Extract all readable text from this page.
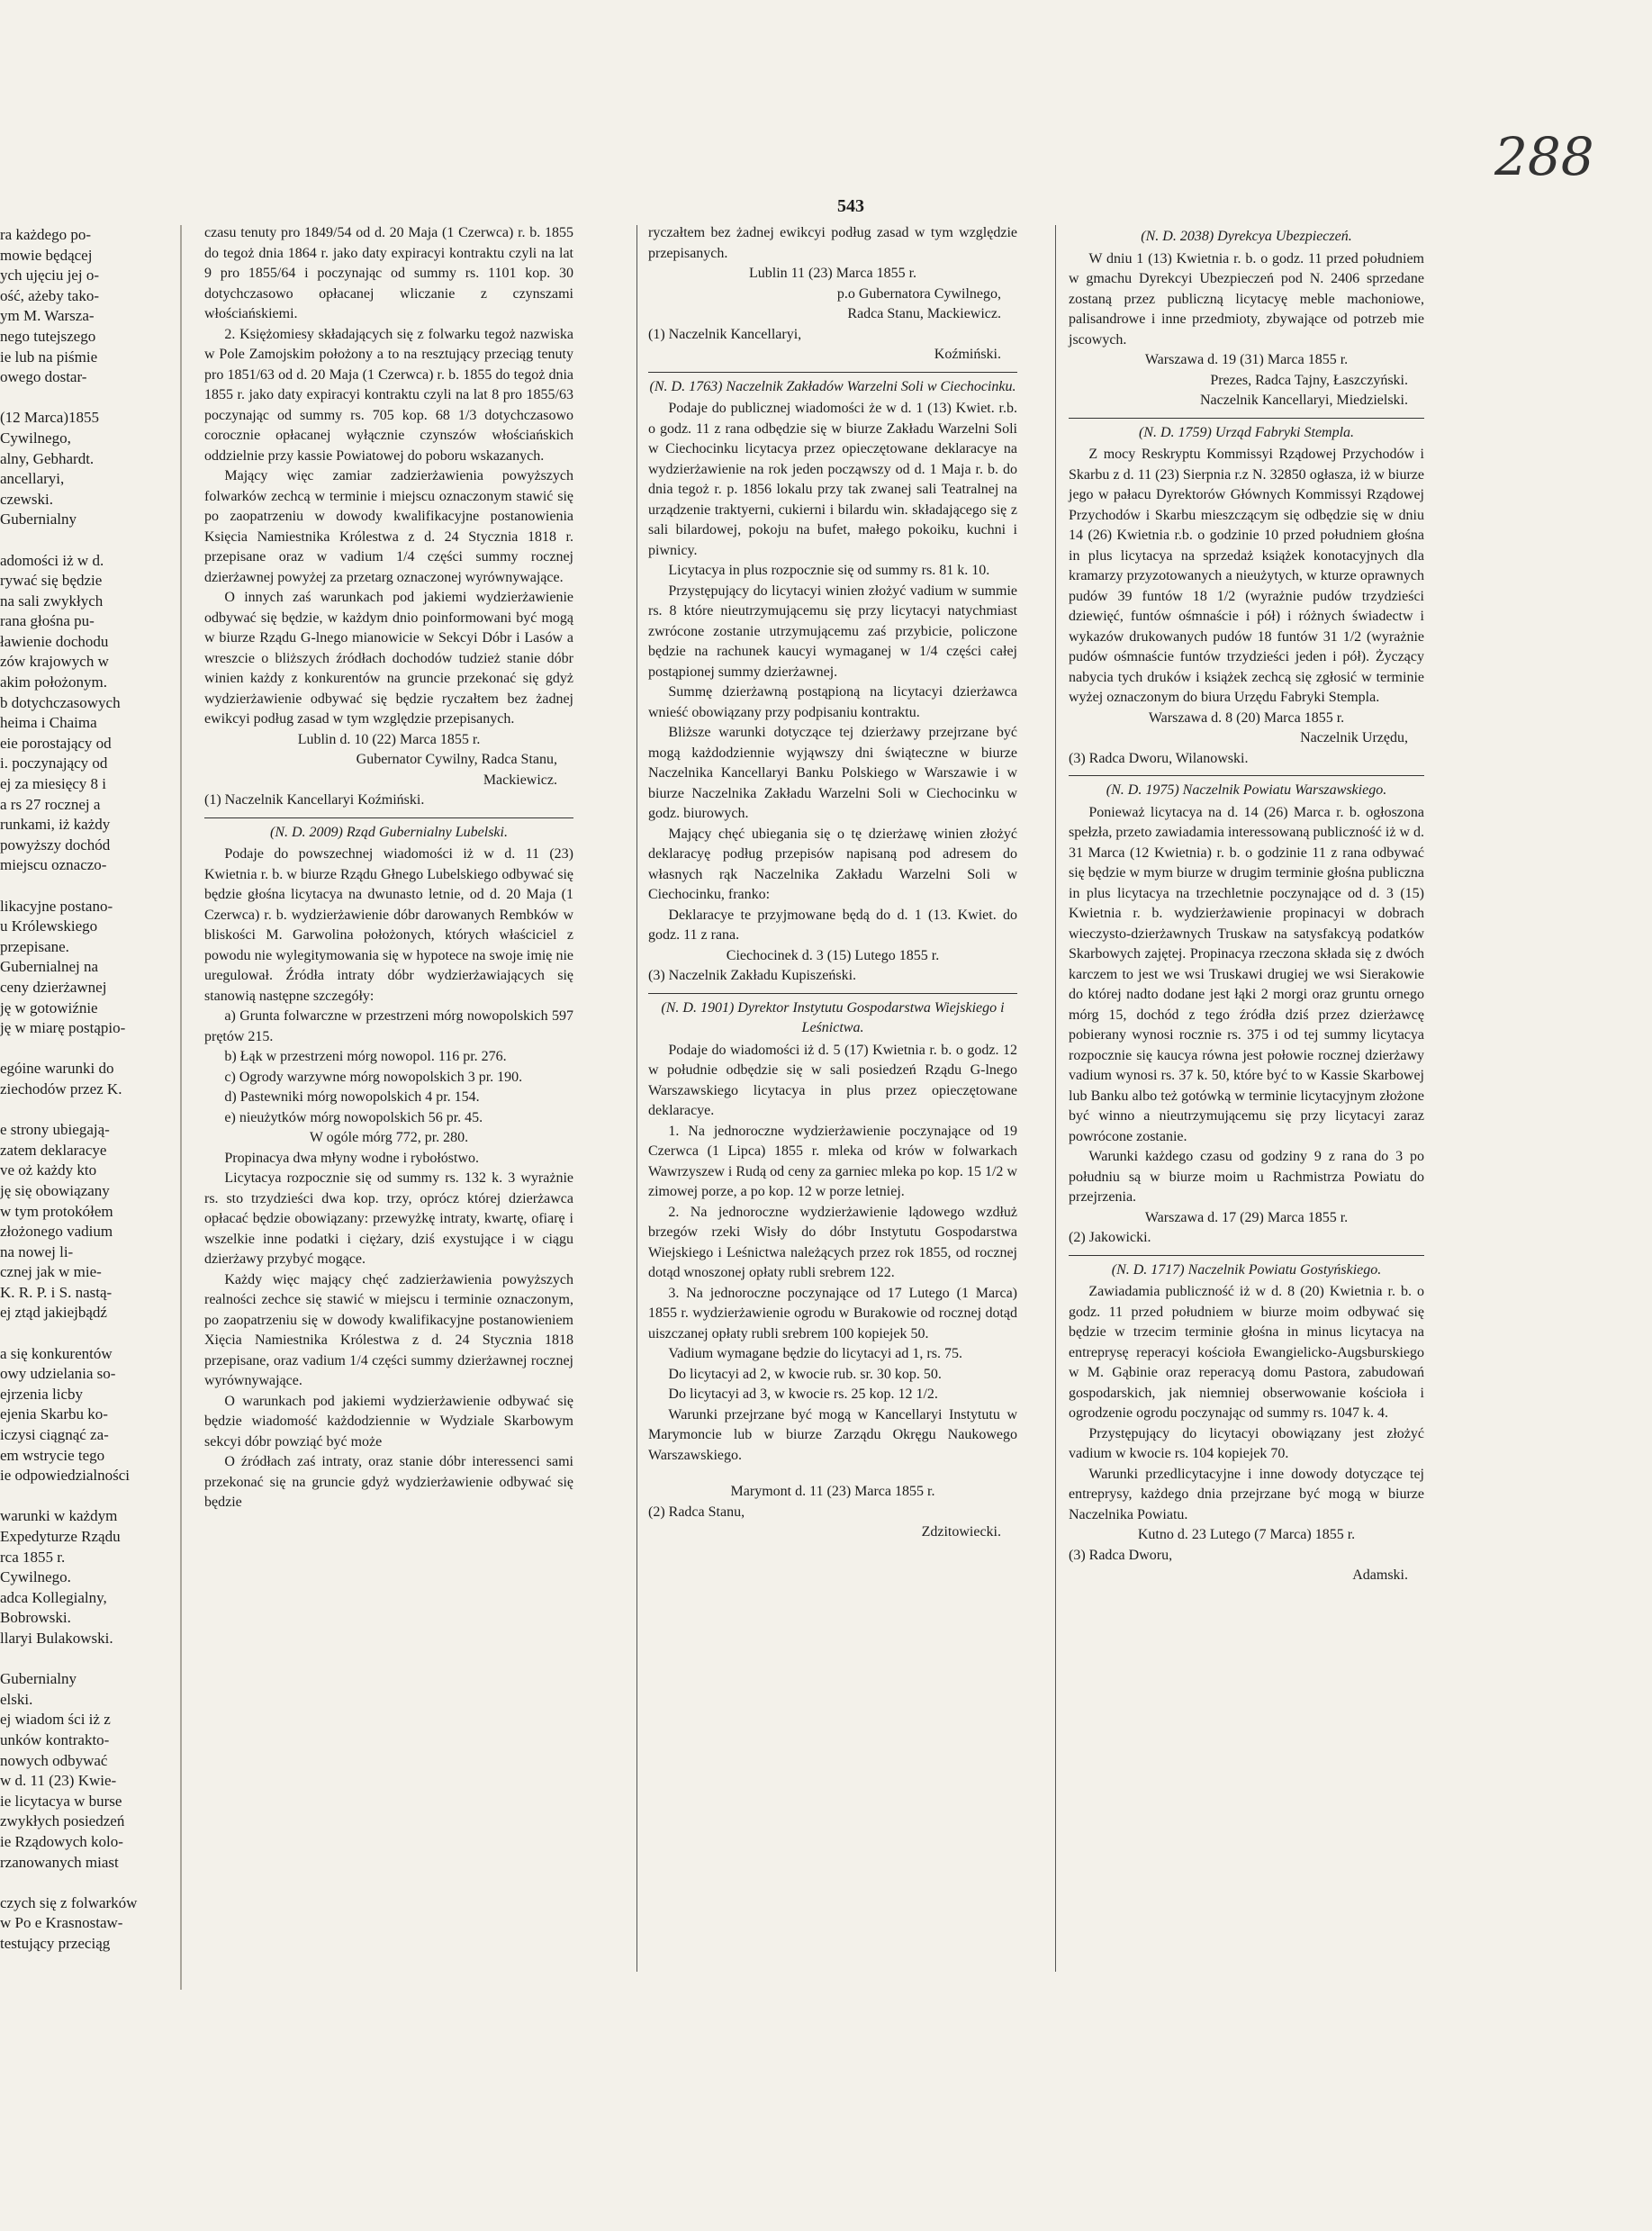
ra każdego po-
mowie będącej
ych ujęciu jej o-
ość, ażeby tako-
ym M. Warsza-
nego tutejszego
ie lub na piśmie
owego dostar-

(12 Marca)1855
Cywilnego,
alny, Gebhardt.
ancellaryi,
czewski.
Gubernialny

adomości iż w d.
rywać się będzie
na sali zwykłych
rana głośna pu-
ławienie dochodu
zów krajowych w
akim położonym.
b dotychczasowych
heima i Chaima
eie porostający od
i. poczynający od
ej za miesięcy 8 i
a rs 27 rocznej a
runkami, iż każdy
powyższy dochód
miejscu oznaczo-

likacyjne postano-
u Królewskiego
przepisane.
Gubernialnej na
ceny dzierżawnej
ję w gotowiźnie
ję w miarę postąpio-

egóine warunki do
ziechodów przez K.

e strony ubiegają-
zatem deklaracye
ve oż każdy kto
ję się obowiązany
w tym protokółem
złożonego vadium
na nowej li-
cznej jak w mie-
K. R. P. i S. nastą-
ej ztąd jakiejbądź

a się konkurentów
owy udzielania so-
ejrzenia licby
ejenia Skarbu ko-
iczysi ciągnąć za-
em wstrycie tego
ie odpowiedzialności

warunki w każdym
Expedyturze Rządu
rca 1855 r.
Cywilnego.
adca Kollegialny,
Bobrowski.
llaryi Bulakowski.

Gubernialny
elski.
ej wiadom ści iż z
unków kontrakto-
nowych odbywać
w d. 11 (23) Kwie-
ie licytacya w burse
zwykłych posiedzeń
ie Rządowych kolo-
rzanowanych miast

czych się z folwarków
w Po e Krasnostaw-
testujący przeciąg
543
288

czasu tenuty pro 1849/54 od d. 20 Maja (1 Czerwca) r. b. 1855 do tegoż dnia 1864 r. jako daty expiracyi kontraktu czyli na lat 9 pro 1855/64 i poczynając od summy rs. 1101 kop. 30 dotychczasowo opłacanej wliczanie z czynszami włościańskiemi.

2. Księżomiesy składających się z folwarku tegoż nazwiska w Pole Zamojskim położony a to na resztujący przeciąg tenuty pro 1851/63 od d. 20 Maja (1 Czerwca) r. b. 1855 do tegoż dnia 1855 r. jako daty expiracyi kontraktu czyli na lat 8 pro 1855/63 poczynając od summy rs. 705 kop. 68 1/3 dotychczasowo corocznie opłacanej wyłącznie czynszów włościańskich oddzielnie przy kassie Powiatowej do poboru wskazanych.

Mający więc zamiar zadzierżawienia powyższych folwarków zechcą w terminie i miejscu oznaczonym stawić się po zaopatrzeniu w dowody kwalifikacyjne postanowienia Księcia Namiestnika Królestwa z d. 24 Stycznia 1818 r. przepisane oraz w vadium 1/4 części summy rocznej dzierżawnej powyżej za przetarg oznaczonej wyrównywające.

O innych zaś warunkach pod jakiemi wydzierżawienie odbywać się będzie, w każdym dnio poinformowani być mogą w biurze Rządu G-lnego mianowicie w Sekcyi Dóbr i Lasów a wreszcie o bliższych źródłach dochodów tudzież stanie dóbr winien każdy z konkurentów na gruncie przekonać się gdyż wydzierżawienie odbywać się będzie ryczałtem bez żadnej ewikcyi podług zasad w tym względzie przepisanych.

Lublin d. 10 (22) Marca 1855 r.

Gubernator Cywilny, Radca Stanu,

Mackiewicz.

(1) Naczelnik Kancellaryi Koźmiński.

(N. D. 2009) Rząd Gubernialny Lubelski.

Podaje do powszechnej wiadomości iż w d. 11 (23) Kwietnia r. b. w biurze Rządu Głnego Lubelskiego odbywać się będzie głośna licytacya na dwunasto letnie, od d. 20 Maja (1 Czerwca) r. b. wydzierżawienie dóbr darowanych Rembków w bliskości M. Garwolina położonych, których właściciel z powodu nie wylegitymowania się w hypotece na swoje imię nie uregulował. Źródła intraty dóbr wydzierżawiających się stanowią następne szczegóły:

a) Grunta folwarczne w przestrzeni mórg nowopolskich 597 prętów 215.

b) Łąk w przestrzeni mórg nowopol. 116 pr. 276.

c) Ogrody warzywne mórg nowopolskich 3 pr. 190.

d) Pastewniki mórg nowopolskich 4 pr. 154.

e) nieużytków mórg nowopolskich 56 pr. 45.

W ogóle mórg 772, pr. 280.

Propinacya dwa młyny wodne i rybołóstwo.

Licytacya rozpocznie się od summy rs. 132 k. 3 wyrażnie rs. sto trzydzieści dwa kop. trzy, oprócz której dzierżawca opłacać będzie obowiązany: przewyżkę intraty, kwartę, ofiarę i wszelkie inne podatki i ciężary, dziś exystujące i w ciągu dzierżawy przybyć mogące.

Każdy więc mający chęć zadzierżawienia powyższych realności zechce się stawić w miejscu i terminie oznaczonym, po zaopatrzeniu się w dowody kwalifikacyjne postanowieniem Xięcia Namiestnika Królestwa z d. 24 Stycznia 1818 przepisane, oraz vadium 1/4 części summy dzierżawnej rocznej wyrównywające.

O warunkach pod jakiemi wydzierżawienie odbywać się będzie wiadomość każdodziennie w Wydziale Skarbowym sekcyi dóbr powziąć być może

O źródłach zaś intraty, oraz stanie dóbr interessenci sami przekonać się na gruncie gdyż wydzierżawienie odbywać się będzie

ryczałtem bez żadnej ewikcyi podług zasad w tym względzie przepisanych.

Lublin 11 (23) Marca 1855 r.

p.o Gubernatora Cywilnego,

Radca Stanu, Mackiewicz.

(1) Naczelnik Kancellaryi,

Koźmiński.

(N. D. 1763) Naczelnik Zakładów Warzelni Soli w Ciechocinku.

Podaje do publicznej wiadomości że w d. 1 (13) Kwiet. r.b. o godz. 11 z rana odbędzie się w biurze Zakładu Warzelni Soli w Ciechocinku licytacya przez opieczętowane deklaracye na wydzierżawienie na rok jeden począwszy od d. 1 Maja r. b. do dnia tegoż r. p. 1856 lokalu przy tak zwanej sali Teatralnej na urządzenie traktyerni, cukierni i bilardu win. składającego się z sali bilardowej, pokoju na bufet, małego pokoiku, kuchni i piwnicy.

Licytacya in plus rozpocznie się od summy rs. 81 k. 10.

Przystępujący do licytacyi winien złożyć vadium w summie rs. 8 które nieutrzymującemu się przy licytacyi natychmiast zwrócone zostanie utrzymującemu zaś przybicie, policzone będzie na rachunek kaucyi wymaganej w 1/4 części całej postąpionej summy dzierżawnej.

Summę dzierżawną postąpioną na licytacyi dzierżawca wnieść obowiązany przy podpisaniu kontraktu.

Bliższe warunki dotyczące tej dzierżawy przejrzane być mogą każdodziennie wyjąwszy dni świąteczne w biurze Naczelnika Kancellaryi Banku Polskiego w Warszawie i w biurze Naczelnika Zakładu Warzelni Soli w Ciechocinku w godz. biurowych.

Mający chęć ubiegania się o tę dzierżawę winien złożyć deklaracyę podług przepisów napisaną pod adresem do własnych rąk Naczelnika Zakładu Warzelni Soli w Ciechocinku, franko:

Deklaracye te przyjmowane będą do d. 1 (13. Kwiet. do godz. 11 z rana.

Ciechocinek d. 3 (15) Lutego 1855 r.

(3) Naczelnik Zakładu Kupiszeński.

(N. D. 1901) Dyrektor Instytutu Gospodarstwa Wiejskiego i Leśnictwa.

Podaje do wiadomości iż d. 5 (17) Kwietnia r. b. o godz. 12 w południe odbędzie się w sali posiedzeń Rządu G-lnego Warszawskiego licytacya in plus przez opieczętowane deklaracye.

1. Na jednoroczne wydzierżawienie poczynające od 19 Czerwca (1 Lipca) 1855 r. mleka od krów w folwarkach Wawrzyszew i Rudą od ceny za garniec mleka po kop. 15 1/2 w zimowej porze, a po kop. 12 w porze letniej.

2. Na jednoroczne wydzierżawienie lądowego wzdłuż brzegów rzeki Wisły do dóbr Instytutu Gospodarstwa Wiejskiego i Leśnictwa należących przez rok 1855, od rocznej dotąd wnoszonej opłaty rubli srebrem 122.

3. Na jednoroczne poczynające od 17 Lutego (1 Marca) 1855 r. wydzierżawienie ogrodu w Burakowie od rocznej dotąd uiszczanej opłaty rubli srebrem 100 kopiejek 50.

Vadium wymagane będzie do licytacyi ad 1, rs. 75.

Do licytacyi ad 2, w kwocie rub. sr. 30 kop. 50.

Do licytacyi ad 3, w kwocie rs. 25 kop. 12 1/2.

Warunki przejrzane być mogą w Kancellaryi Instytutu w Marymoncie lub w biurze Zarządu Okręgu Naukowego Warszawskiego.

Marymont d. 11 (23) Marca 1855 r.

(2) Radca Stanu,

Zdzitowiecki.

(N. D. 2038) Dyrekcya Ubezpieczeń.

W dniu 1 (13) Kwietnia r. b. o godz. 11 przed południem w gmachu Dyrekcyi Ubezpieczeń pod N. 2406 sprzedane zostaną przez publiczną licytacyę meble machoniowe, palisandrowe i inne przedmioty, zbywające od potrzeb mie jscowych.

Warszawa d. 19 (31) Marca 1855 r.

Prezes, Radca Tajny, Łaszczyński.

Naczelnik Kancellaryi, Miedzielski.

(N. D. 1759) Urząd Fabryki Stempla.

Z mocy Reskryptu Kommissyi Rządowej Przychodów i Skarbu z d. 11 (23) Sierpnia r.z N. 32850 ogłasza, iż w biurze jego w pałacu Dyrektorów Głównych Kommissyi Rządowej Przychodów i Skarbu mieszczącym się odbędzie się w dniu 14 (26) Kwietnia r.b. o godzinie 10 przed południem głośna in plus licytacya na sprzedaż książek konotacyjnych dla kramarzy przyzotowanych a nieużytych, w kturze oprawnych pudów 39 funtów 18 1/2 (wyrażnie pudów trzydzieści dziewięć, funtów ośmnaście i pół) i różnych świadectw i wykazów drukowanych pudów 18 funtów 31 1/2 (wyrażnie pudów ośmnaście funtów trzydzieści jeden i pół). Życzący nabycia tych druków i książek zechcą się zgłosić w terminie wyżej oznaczonym do biura Urzędu Fabryki Stempla.

Warszawa d. 8 (20) Marca 1855 r.

Naczelnik Urzędu,

(3) Radca Dworu, Wilanowski.

(N. D. 1975) Naczelnik Powiatu Warszawskiego.

Ponieważ licytacya na d. 14 (26) Marca r. b. ogłoszona spełzła, przeto zawiadamia interessowaną publiczność iż w d. 31 Marca (12 Kwietnia) r. b. o godzinie 11 z rana odbywać się będzie w mym biurze w drugim terminie głośna publiczna in plus licytacya na trzechletnie poczynające od d. 3 (15) Kwietnia r. b. wydzierżawienie propinacyi w dobrach wieczysto-dzierżawnych Truskaw na satysfakcyą podatków Skarbowych zajętej. Propinacya rzeczona składa się z dwóch karczem to jest we wsi Truskawi drugiej we wsi Sierakowie do której nadto dodane jest łąki 2 morgi oraz gruntu ornego mórg 15, dochód z tego źródła dziś przez dzierżawcę pobierany wynosi rocznie rs. 375 i od tej summy licytacya rozpocznie się kaucya równa jest połowie rocznej dzierżawy vadium wynosi rs. 37 k. 50, które być to w Kassie Skarbowej lub Banku albo też gotówką w terminie licytacyjnym złożone być winno a nieutrzymującemu się przy licytacyi zaraz powrócone zostanie.

Warunki każdego czasu od godziny 9 z rana do 3 po południu są w biurze moim u Rachmistrza Powiatu do przejrzenia.

Warszawa d. 17 (29) Marca 1855 r.

(2) Jakowicki.

(N. D. 1717) Naczelnik Powiatu Gostyńskiego.

Zawiadamia publiczność iż w d. 8 (20) Kwietnia r. b. o godz. 11 przed południem w biurze moim odbywać się będzie w trzecim terminie głośna in minus licytacya na entreprysę reperacyi kościoła Ewangielicko-Augsburskiego w M. Gąbinie oraz reperacyą domu Pastora, zabudowań gospodarskich, jak niemniej obserwowanie kościoła i ogrodzenie ogrodu poczynając od summy rs. 1047 k. 4.

Przystępujący do licytacyi obowiązany jest złożyć vadium w kwocie rs. 104 kopiejek 70.

Warunki przedlicytacyjne i inne dowody dotyczące tej entreprysy, każdego dnia przejrzane być mogą w biurze Naczelnika Powiatu.

Kutno d. 23 Lutego (7 Marca) 1855 r.

(3) Radca Dworu,

Adamski.
